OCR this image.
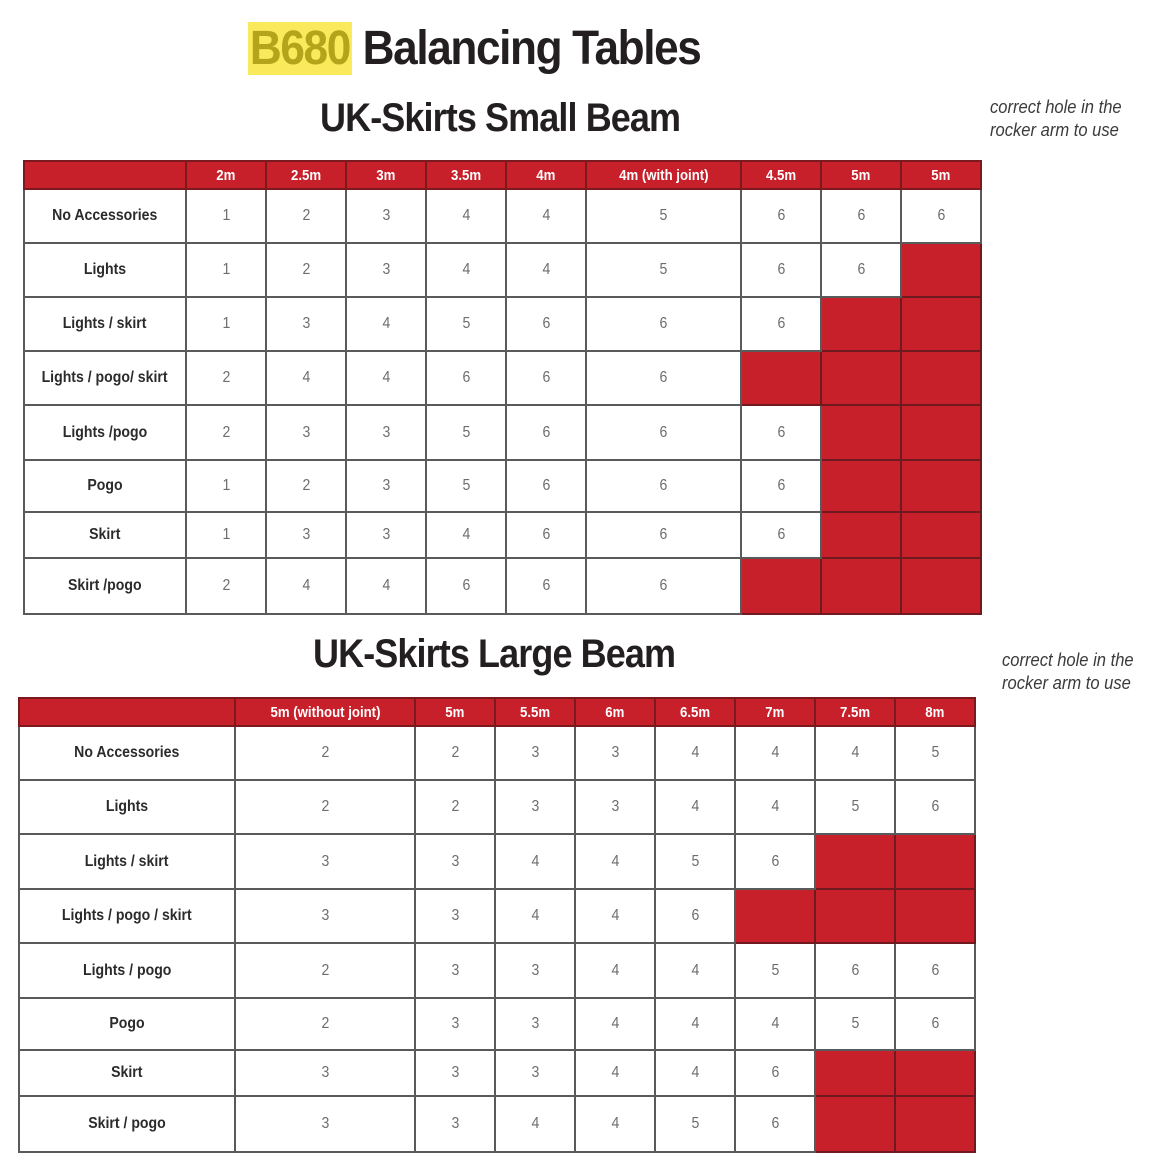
B680 Balancing Tables
UK-Skirts Small Beam	correct hole in the
rocker arm to use
	2m	2.5m	3m	3.5m	4m	4m (with joint)	4.5m	5m	5m
No Accessories	1	2	3	4	4	5	6	6	6
Lights	1	2	3	4	4	5	6	6	
Lights / skirt	1	3	4	5	6	6	6		
Lights / pogo/ skirt	2	4	4	6	6	6			
Lights /pogo	2	3	3	5	6	6	6		
Pogo	1	2	3	5	6	6	6		
Skirt	1	3	3	4	6	6	6		
Skirt /pogo	2	4	4	6	6	6			
UK-Skirts Large Beam	correct hole in the
rocker arm to use
	5m (without joint)	5m	5.5m	6m	6.5m	7m	7.5m	8m
No Accessories	2	2	3	3	4	4	4	5
Lights	2	2	3	3	4	4	5	6
Lights / skirt	3	3	4	4	5	6		
Lights / pogo / skirt	3	3	4	4	6			
Lights / pogo	2	3	3	4	4	5	6	6
Pogo	2	3	3	4	4	4	5	6
Skirt	3	3	3	4	4	6		
Skirt / pogo	3	3	4	4	5	6		
